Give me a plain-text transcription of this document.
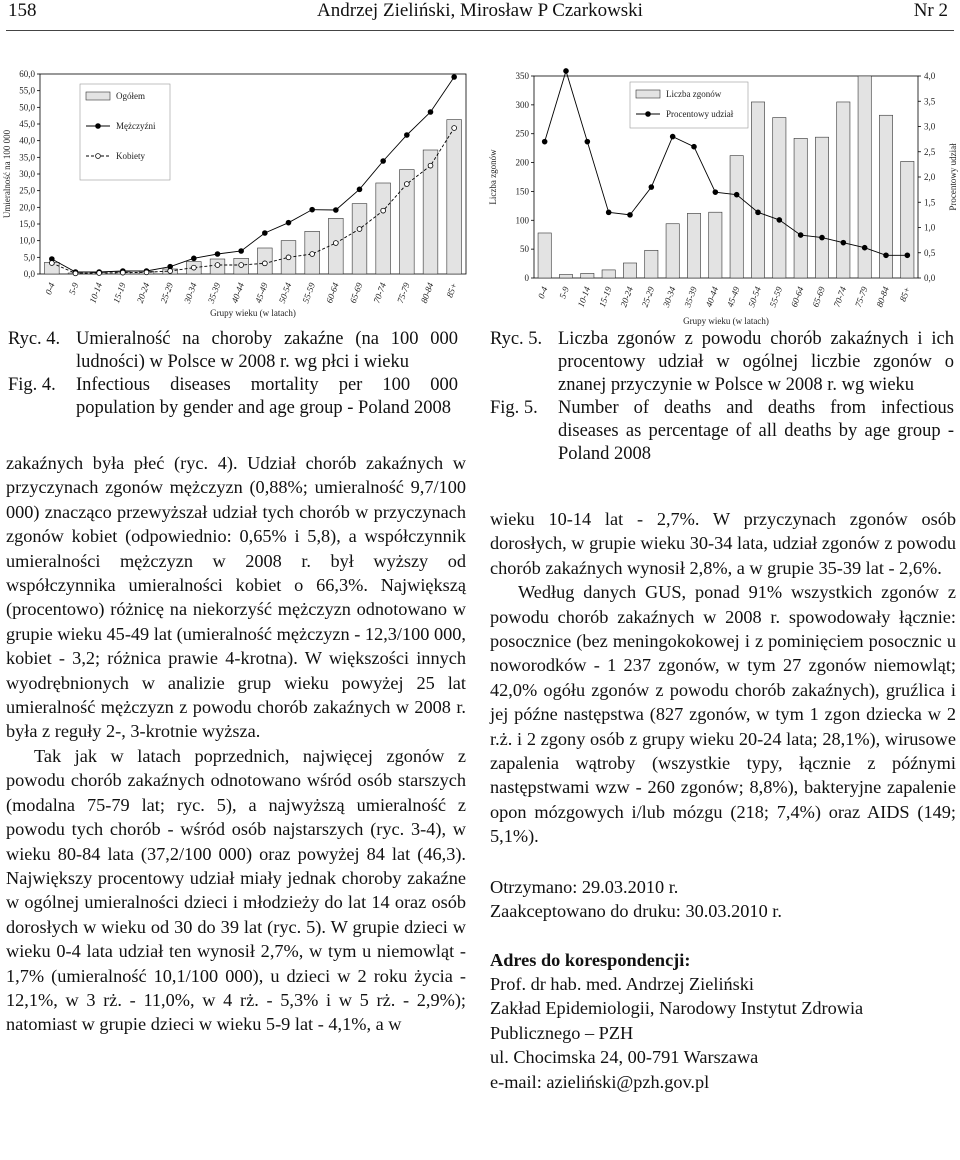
158	Andrzej Zieliński, Mirosław P Czarkowski	Nr 2
0,0
5,0
10,0
15,0
20,0
25,0
30,0
35,0
40,0
45,0
50,0
55,0
60,0
Umieralność na 100 000
Grupy wieku (w latach)
0-4 5-9 10-14 15-19 20-24 25-29 30-34 35-39 40-44 45-49 50-54 55-59 60-64 65-69 70-74 75-79 80-84 85+
Ogółem
Mężczyźni
Kobiety
0
50
100
150
200
250
300
350
0,0
0,5
1,0
1,5
2,0
2,5
3,0
3,5
4,0
Liczba zgonów	Procentowy udział
Grupy wieku (w latach)
0-4 5-9 10-14 15-19 20-24 25-29 30-34 35-39 40-44 45-49 50-54 55-59 60-64 65-69 70-74 75-79 80-84 85+
Liczba zgonów
Procentowy udział
Ryc. 4. Umieralność na choroby zakaźne (na 100 000 ludności) w Polsce w 2008 r. wg płci i wieku
Fig. 4. Infectious diseases mortality per 100 000 population by gender and age group - Poland 2008
Ryc. 5. Liczba zgonów z powodu chorób zakaźnych i ich procentowy udział w ogólnej liczbie zgonów o znanej przyczynie w Polsce w 2008 r. wg wieku
Fig. 5. Number of deaths and deaths from infectious diseases as percentage of all deaths by age group - Poland 2008

zakaźnych była płeć (ryc. 4). Udział chorób zakaźnych w przyczynach zgonów mężczyzn (0,88%; umieralność 9,7/100 000) znacząco przewyższał udział tych chorób w przyczynach zgonów kobiet (odpowiednio: 0,65% i 5,8), a współczynnik umieralności mężczyzn w 2008 r. był wyższy od współczynnika umieralności kobiet o 66,3%. Największą (procentowo) różnicę na niekorzyść mężczyzn odnotowano w grupie wieku 45-49 lat (umieralność mężczyzn - 12,3/100 000, kobiet - 3,2; różnica prawie 4-krotna). W większości innych wyodrębnionych w analizie grup wieku powyżej 25 lat umieralność mężczyzn z powodu chorób zakaźnych w 2008 r. była z reguły 2-, 3-krotnie wyższa.

Tak jak w latach poprzednich, najwięcej zgonów z powodu chorób zakaźnych odnotowano wśród osób starszych (modalna 75-79 lat; ryc. 5), a najwyższą umieralność z powodu tych chorób - wśród osób najstarszych (ryc. 3-4), w wieku 80-84 lata (37,2/100 000) oraz powyżej 84 lat (46,3). Największy procentowy udział miały jednak choroby zakaźne w ogólnej umieralności dzieci i młodzieży do lat 14 oraz osób dorosłych w wieku od 30 do 39 lat (ryc. 5). W grupie dzieci w wieku 0-4 lata udział ten wynosił 2,7%, w tym u niemowląt - 1,7% (umieralność 10,1/100 000), u dzieci w 2 roku życia - 12,1%, w 3 rż. - 11,0%, w 4 rż. - 5,3% i w 5 rż. - 2,9%); natomiast w grupie dzieci w wieku 5-9 lat - 4,1%, a w

wieku 10-14 lat - 2,7%. W przyczynach zgonów osób dorosłych, w grupie wieku 30-34 lata, udział zgonów z powodu chorób zakaźnych wynosił 2,8%, a w grupie 35-39 lat - 2,6%.

Według danych GUS, ponad 91% wszystkich zgonów z powodu chorób zakaźnych w 2008 r. spowodowały łącznie: posocznice (bez meningokokowej i z pominięciem posocznic u noworodków - 1 237 zgonów, w tym 27 zgonów niemowląt; 42,0% ogółu zgonów z powodu chorób zakaźnych), gruźlica i jej późne następstwa (827 zgonów, w tym 1 zgon dziecka w 2 r.ż. i 2 zgony osób z grupy wieku 20-24 lata; 28,1%), wirusowe zapalenia wątroby (wszystkie typy, łącznie z późnymi następstwami wzw - 260 zgonów; 8,8%), bakteryjne zapalenie opon mózgowych i/lub mózgu (218; 7,4%) oraz AIDS (149; 5,1%).

Otrzymano: 29.03.2010 r.
Zaakceptowano do druku: 30.03.2010 r.
Adres do korespondencji:
Prof. dr hab. med. Andrzej Zieliński
Zakład Epidemiologii, Narodowy Instytut Zdrowia
Publicznego – PZH
ul. Chocimska 24, 00-791 Warszawa
e-mail: azieliński@pzh.gov.pl
